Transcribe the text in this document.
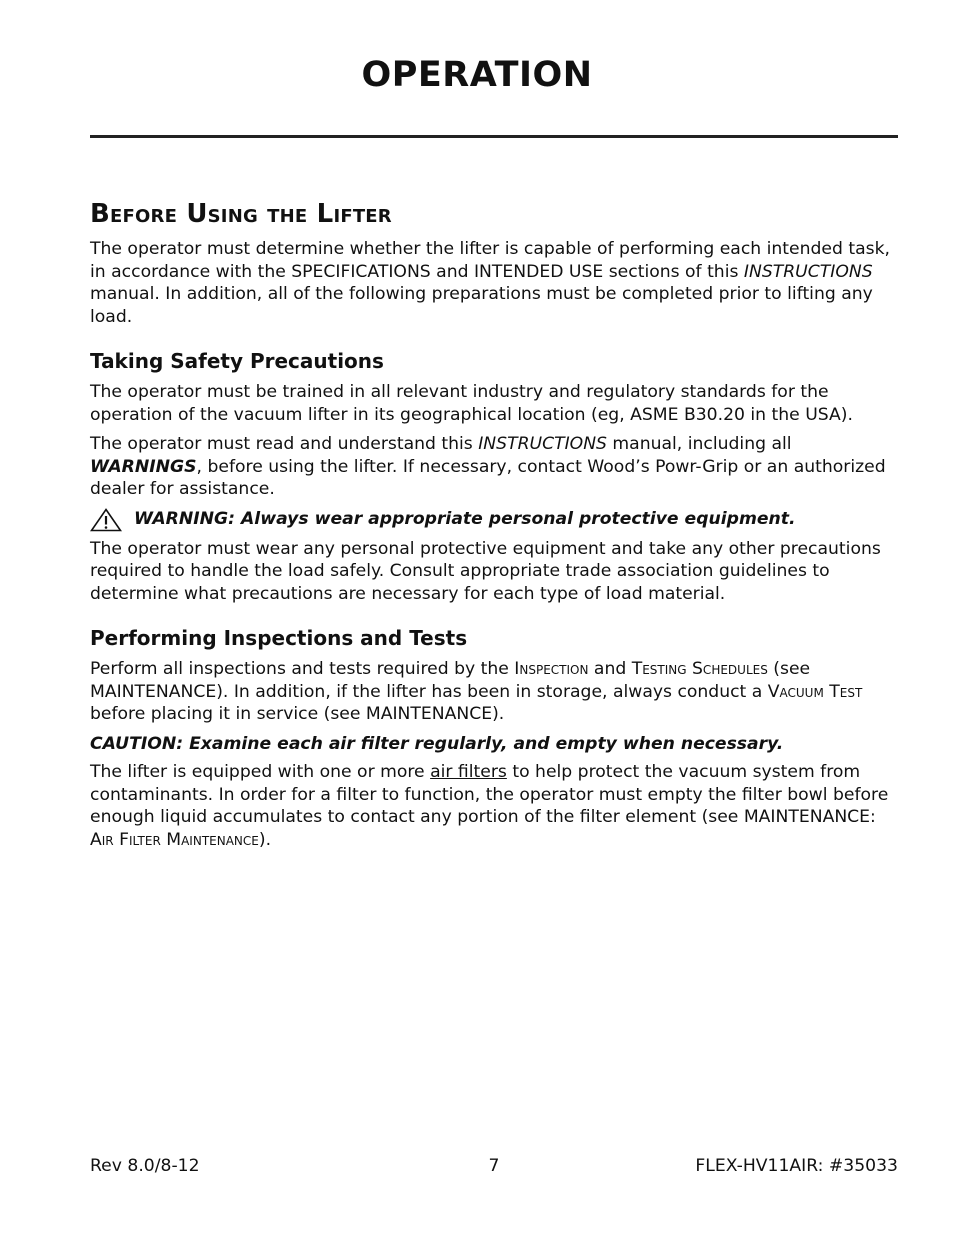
OPERATION
Before Using the Lifter

The operator must determine whether the lifter is capable of performing each intended task, in accordance with the SPECIFICATIONS and INTENDED USE sections of this INSTRUCTIONS manual. In addition, all of the following preparations must be completed prior to lifting any load.

Taking Safety Precautions

The operator must be trained in all relevant industry and regulatory standards for the operation of the vacuum lifter in its geographical location (eg, ASME B30.20 in the USA).

The operator must read and understand this INSTRUCTIONS manual, including all WARNINGS, before using the lifter. If necessary, contact Wood’s Powr-Grip or an authorized dealer for assistance.

WARNING: Always wear appropriate personal protective equipment.

The operator must wear any personal protective equipment and take any other precautions required to handle the load safely. Consult appropriate trade association guidelines to determine what precautions are necessary for each type of load material.

Performing Inspections and Tests

Perform all inspections and tests required by the Inspection and Testing Schedules (see MAINTENANCE). In addition, if the lifter has been in storage, always conduct a Vacuum Test before placing it in service (see MAINTENANCE).

CAUTION: Examine each air filter regularly, and empty when necessary.

The lifter is equipped with one or more air filters to help protect the vacuum system from contaminants. In order for a filter to function, the operator must empty the filter bowl before enough liquid accumulates to contact any portion of the filter element (see MAINTENANCE: Air Filter Maintenance).

Rev 8.0/8-12	7	FLEX-HV11AIR: #35033
